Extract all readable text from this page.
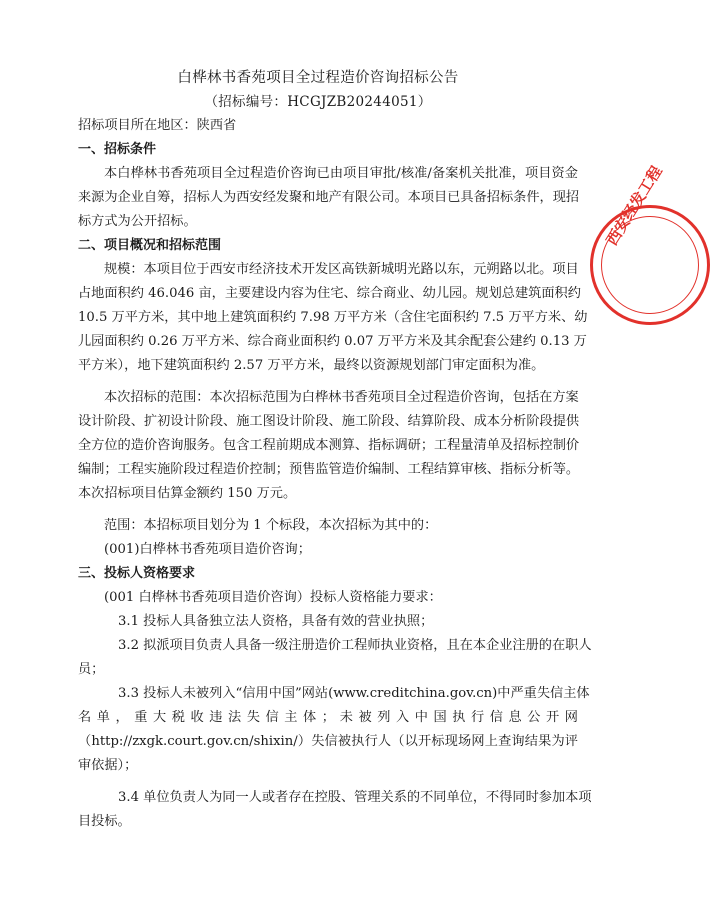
白桦林书香苑项目全过程造价咨询招标公告
（招标编号：HCGJZB20244051）
招标项目所在地区：陕西省
一、招标条件
本白桦林书香苑项目全过程造价咨询已由项目审批/核准/备案机关批准，项目资金
来源为企业自筹，招标人为西安经发聚和地产有限公司。本项目已具备招标条件，现招
标方式为公开招标。
二、项目概况和招标范围
规模：本项目位于西安市经济技术开发区高铁新城明光路以东，元朔路以北。项目
占地面积约 46.046 亩，主要建设内容为住宅、综合商业、幼儿园。规划总建筑面积约
10.5 万平方米，其中地上建筑面积约 7.98 万平方米（含住宅面积约 7.5 万平方米、幼
儿园面积约 0.26 万平方米、综合商业面积约 0.07 万平方米及其余配套公建约 0.13 万
平方米），地下建筑面积约 2.57 万平方米，最终以资源规划部门审定面积为准。
本次招标的范围：本次招标范围为白桦林书香苑项目全过程造价咨询，包括在方案
设计阶段、扩初设计阶段、施工图设计阶段、施工阶段、结算阶段、成本分析阶段提供
全方位的造价咨询服务。包含工程前期成本测算、指标调研；工程量清单及招标控制价
编制；工程实施阶段过程造价控制；预售监管造价编制、工程结算审核、指标分析等。
本次招标项目估算金额约 150 万元。
范围：本招标项目划分为 1 个标段，本次招标为其中的：
(001)白桦林书香苑项目造价咨询；
三、投标人资格要求
(001 白桦林书香苑项目造价咨询）投标人资格能力要求：
3.1 投标人具备独立法人资格，具备有效的营业执照；
3.2 拟派项目负责人具备一级注册造价工程师执业资格，且在本企业注册的在职人
员；
3.3 投标人未被列入“信用中国”网站(www.creditchina.gov.cn)中严重失信主体
名 单 ， 重 大 税 收 违 法 失 信 主 体 ； 未 被 列 入 中 国 执 行 信 息 公 开 网
（http://zxgk.court.gov.cn/shixin/）失信被执行人（以开标现场网上查询结果为评
审依据）；
3.4 单位负责人为同一人或者存在控股、管理关系的不同单位，不得同时参加本项
目投标。
西安经发工程
